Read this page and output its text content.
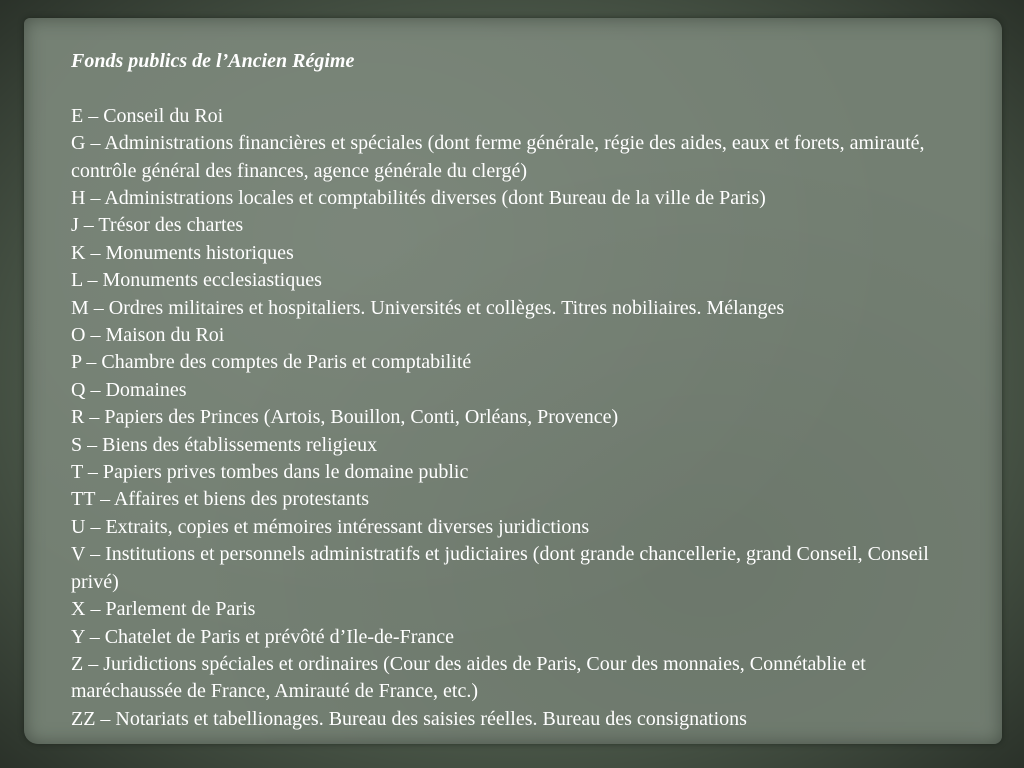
Fonds publics de l’Ancien Régime

E – Conseil du Roi
G – Administrations financières et spéciales (dont ferme générale, régie des aides, eaux et forets, amirauté, contrôle général des finances, agence générale du clergé)
H – Administrations locales et comptabilités diverses (dont Bureau de la ville de Paris)
J – Trésor des chartes
K – Monuments historiques
L – Monuments ecclesiastiques
M – Ordres militaires et hospitaliers. Universités et collèges. Titres nobiliaires. Mélanges
O – Maison du Roi
P – Chambre des comptes de Paris et comptabilité
Q – Domaines
R – Papiers des Princes (Artois, Bouillon, Conti, Orléans, Provence)
S – Biens des établissements religieux
T – Papiers prives tombes dans le domaine public
TT – Affaires et biens des protestants
U – Extraits, copies et mémoires intéressant diverses juridictions
V – Institutions et personnels administratifs et judiciaires (dont grande chancellerie, grand Conseil, Conseil privé)
X – Parlement de Paris
Y – Chatelet de Paris et prévôté d’Ile-de-France
Z – Juridictions spéciales et ordinaires (Cour des aides de Paris, Cour des monnaies, Connétablie et maréchaussée de France, Amirauté de France, etc.)
ZZ – Notariats et tabellionages. Bureau des saisies réelles. Bureau des consignations
